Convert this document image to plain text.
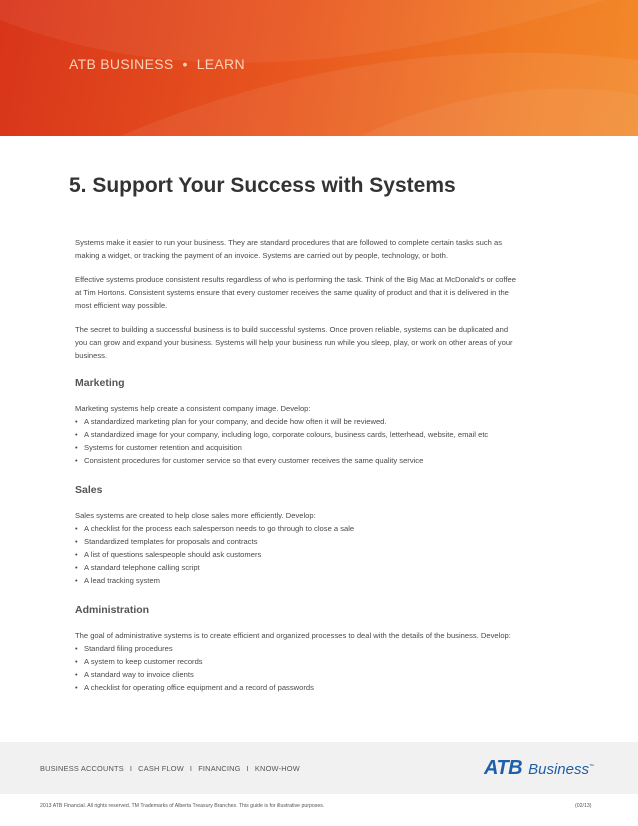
ATB BUSINESS • LEARN
5. Support Your Success with Systems

Systems make it easier to run your business. They are standard procedures that are followed to complete certain tasks such as making a widget, or tracking the payment of an invoice. Systems are carried out by people, technology, or both.

Effective systems produce consistent results regardless of who is performing the task. Think of the Big Mac at McDonald’s or coffee at Tim Hortons. Consistent systems ensure that every customer receives the same quality of product and that it is delivered in the most efficient way possible.

The secret to building a successful business is to build successful systems. Once proven reliable, systems can be duplicated and you can grow and expand your business. Systems will help your business run while you sleep, play, or work on other areas of your business.

Marketing

Marketing systems help create a consistent company image. Develop:

• A standardized marketing plan for your company, and decide how often it will be reviewed.
• A standardized image for your company, including logo, corporate colours, business cards, letterhead, website, email etc
• Systems for customer retention and acquisition
• Consistent procedures for customer service so that every customer receives the same quality service
Sales

Sales systems are created to help close sales more efficiently. Develop:

• A checklist for the process each salesperson needs to go through to close a sale
• Standardized templates for proposals and contracts
• A list of questions salespeople should ask customers
• A standard telephone calling script
• A lead tracking system
Administration

The goal of administrative systems is to create efficient and organized processes to deal with the details of the business. Develop:

• Standard filing procedures
• A system to keep customer records
• A standard way to invoice clients
• A checklist for operating office equipment and a record of passwords
BUSINESS ACCOUNTS I CASH FLOW I FINANCING I KNOW-HOW	ATB Business™
2013 ATB Financial. All rights reserved. TM Trademarks of Alberta Treasury Branches. This guide is for illustrative purposes.	(02/13)
